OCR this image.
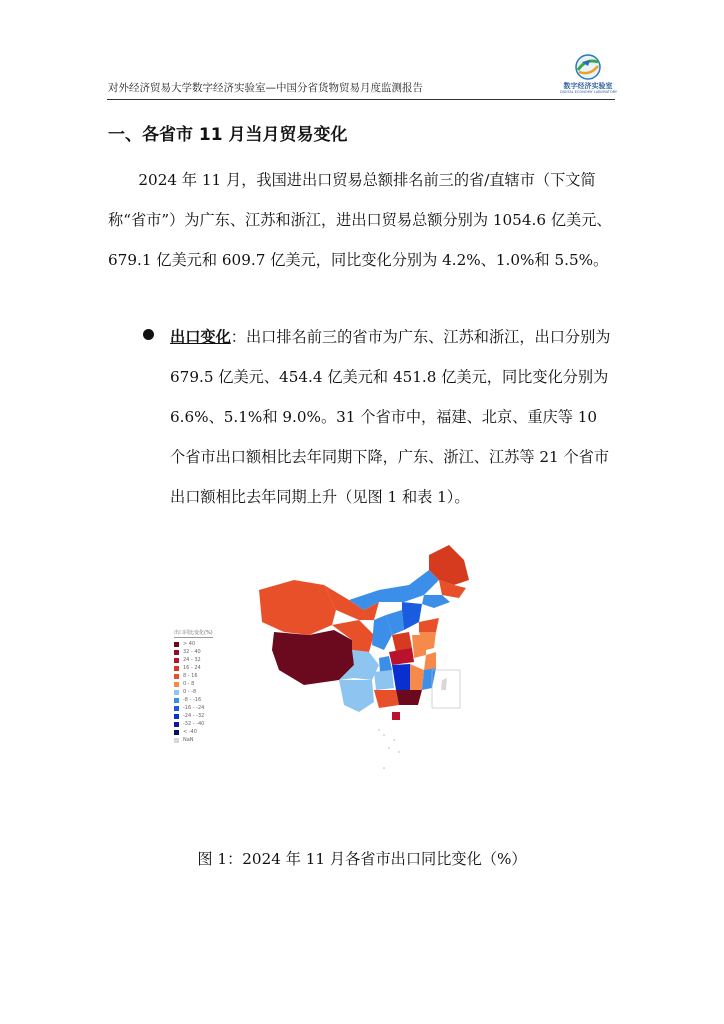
对外经济贸易大学数字经济实验室—中国分省货物贸易月度监测报告	数字经济实验室
DIGITAL ECONOMY LABORATORY
一、各省市 11 月当月贸易变化
2024 年 11 月，我国进出口贸易总额排名前三的省/直辖市（下文简称“省市”）为广东、江苏和浙江，进出口贸易总额分别为 1054.6 亿美元、679.1 亿美元和 609.7 亿美元，同比变化分别为 4.2%、1.0%和 5.5%。
出口变化：出口排名前三的省市为广东、江苏和浙江，出口分别为 679.5 亿美元、454.4 亿美元和 451.8 亿美元，同比变化分别为 6.6%、5.1%和 9.0%。31 个省市中，福建、北京、重庆等 10 个省市出口额相比去年同期下降，广东、浙江、江苏等 21 个省市出口额相比去年同期上升（见图 1 和表 1）。
出口同比变化(%)
> 40
32 - 40
24 - 32
16 - 24
8 - 16
0 - 8
0 - -8
-8 - -16
-16 - -24
-24 - -32
-32 - -40
< -40
NaN
图 1：2024 年 11 月各省市出口同比变化（%）
